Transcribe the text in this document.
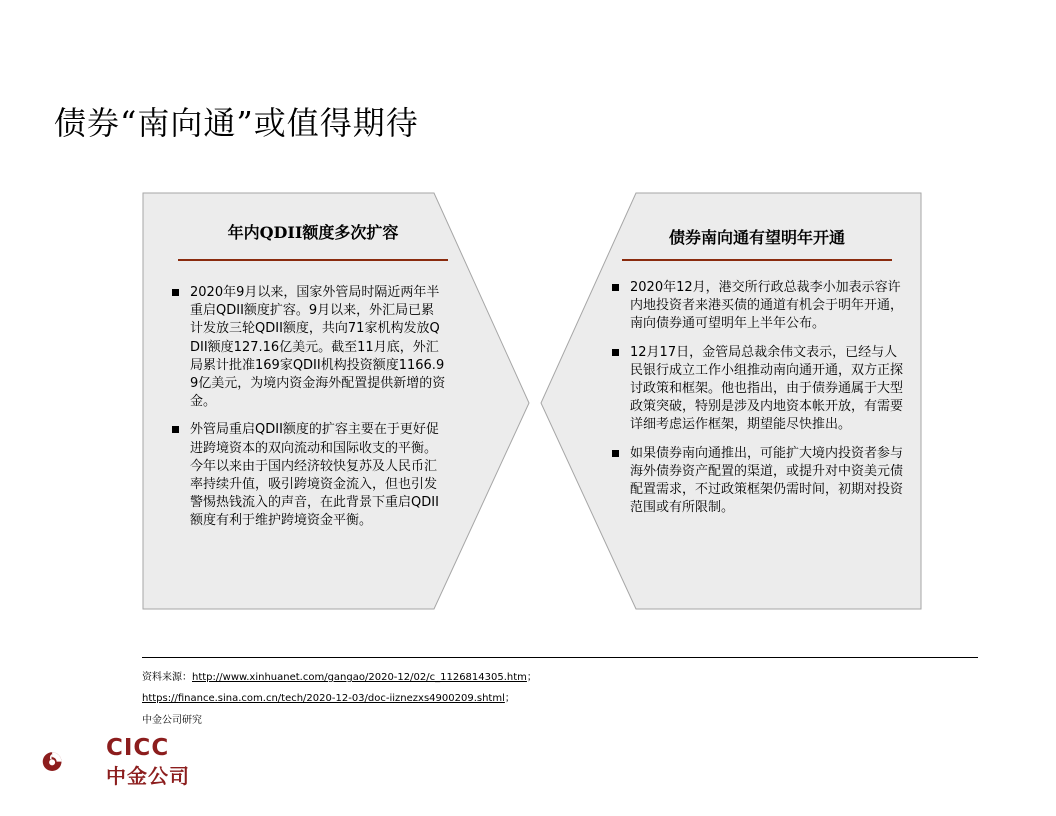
债券“南向通”或值得期待
年内QDII额度多次扩容
2020年9月以来，国家外管局时隔近两年半重启QDII额度扩容。9月以来，外汇局已累计发放三轮QDII额度，共向71家机构发放QDII额度127.16亿美元。截至11月底，外汇局累计批准169家QDII机构投资额度1166.99亿美元，为境内资金海外配置提供新增的资金。
外管局重启QDII额度的扩容主要在于更好促进跨境资本的双向流动和国际收支的平衡。今年以来由于国内经济较快复苏及人民币汇率持续升值，吸引跨境资金流入，但也引发警惕热钱流入的声音，在此背景下重启QDII额度有利于维护跨境资金平衡。
债券南向通有望明年开通
2020年12月，港交所行政总裁李小加表示容许内地投资者来港买债的通道有机会于明年开通，南向债券通可望明年上半年公布。
12月17日，金管局总裁余伟文表示，已经与人民银行成立工作小组推动南向通开通，双方正探讨政策和框架。他也指出，由于债券通属于大型政策突破，特别是涉及内地资本帐开放，有需要详细考虑运作框架，期望能尽快推出。
如果债券南向通推出，可能扩大境内投资者参与海外债券资产配置的渠道，或提升对中资美元债配置需求，不过政策框架仍需时间，初期对投资范围或有所限制。
资料来源：http://www.xinhuanet.com/gangao/2020-12/02/c_1126814305.htm；
https://finance.sina.com.cn/tech/2020-12-03/doc-iiznezxs4900209.shtml；
中金公司研究
CICC
中金公司
